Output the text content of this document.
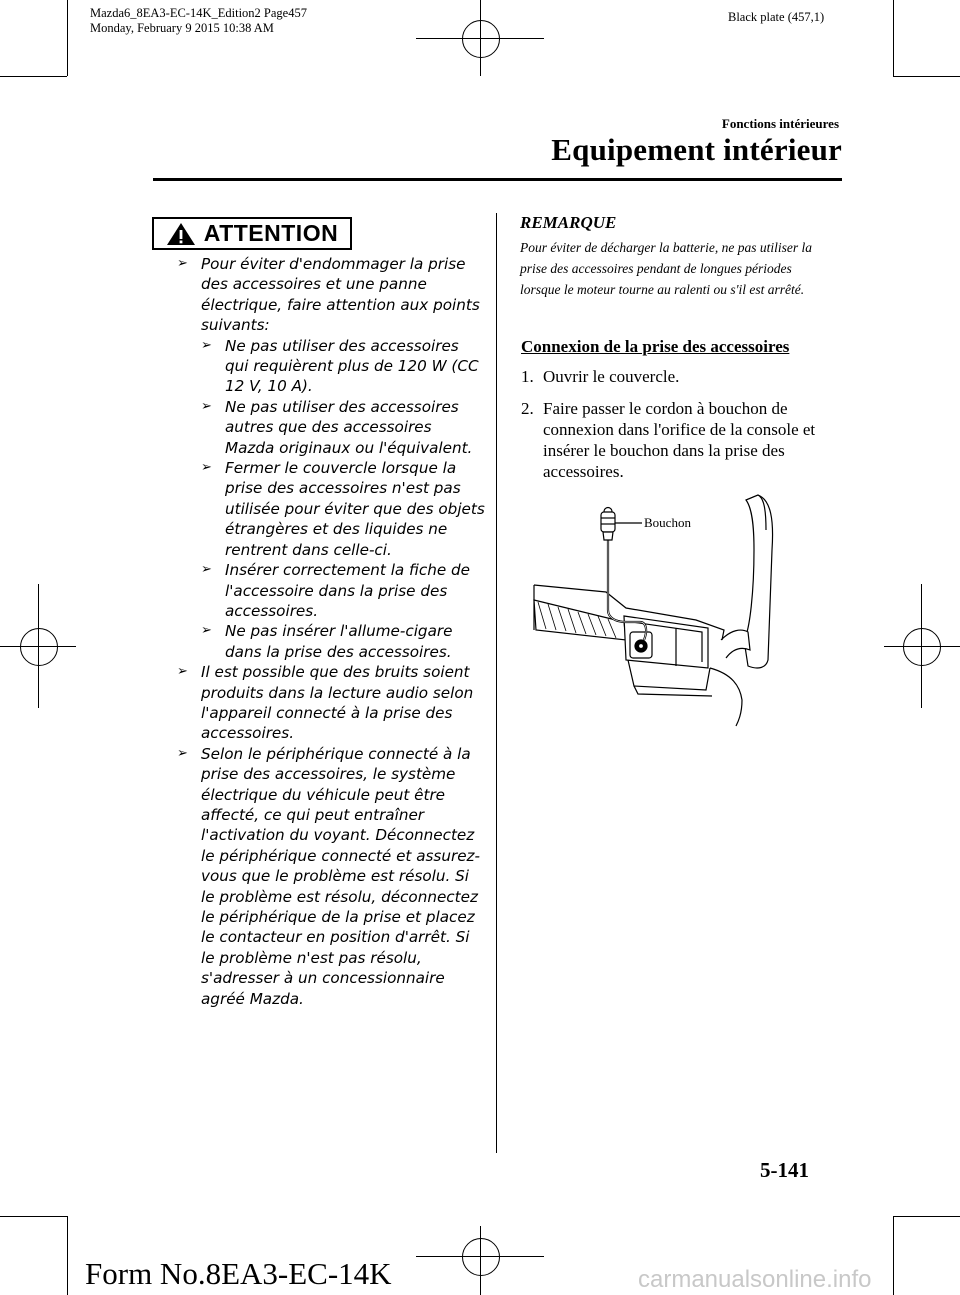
Mazda6_8EA3-EC-14K_Edition2 Page457
Monday, February 9 2015 10:38 AM
Black plate (457,1)
Fonctions intérieures
Equipement intérieur
ATTENTION
➢ Pour éviter d'endommager la prise des accessoires et une panne électrique, faire attention aux points suivants:
➢ Ne pas utiliser des accessoires qui requièrent plus de 120 W (CC 12 V, 10 A).
➢ Ne pas utiliser des accessoires autres que des accessoires Mazda originaux ou l'équivalent.
➢ Fermer le couvercle lorsque la prise des accessoires n'est pas utilisée pour éviter que des objets étrangères et des liquides ne rentrent dans celle-ci.
➢ Insérer correctement la fiche de l'accessoire dans la prise des accessoires.
➢ Ne pas insérer l'allume-cigare dans la prise des accessoires.
➢ Il est possible que des bruits soient produits dans la lecture audio selon l'appareil connecté à la prise des accessoires.
➢ Selon le périphérique connecté à la prise des accessoires, le système électrique du véhicule peut être affecté, ce qui peut entraîner l'activation du voyant. Déconnectez le périphérique connecté et assurez-vous que le problème est résolu. Si le problème est résolu, déconnectez le périphérique de la prise et placez le contacteur en position d'arrêt. Si le problème n'est pas résolu, s'adresser à un concessionnaire agréé Mazda.
REMARQUE
Pour éviter de décharger la batterie, ne pas utiliser la prise des accessoires pendant de longues périodes lorsque le moteur tourne au ralenti ou s'il est arrêté.
Connexion de la prise des accessoires
1. Ouvrir le couvercle.
2. Faire passer le cordon à bouchon de connexion dans l'orifice de la console et insérer le bouchon dans la prise des accessoires.
Bouchon
5-141
Form No.8EA3-EC-14K	carmanualsonline.info
